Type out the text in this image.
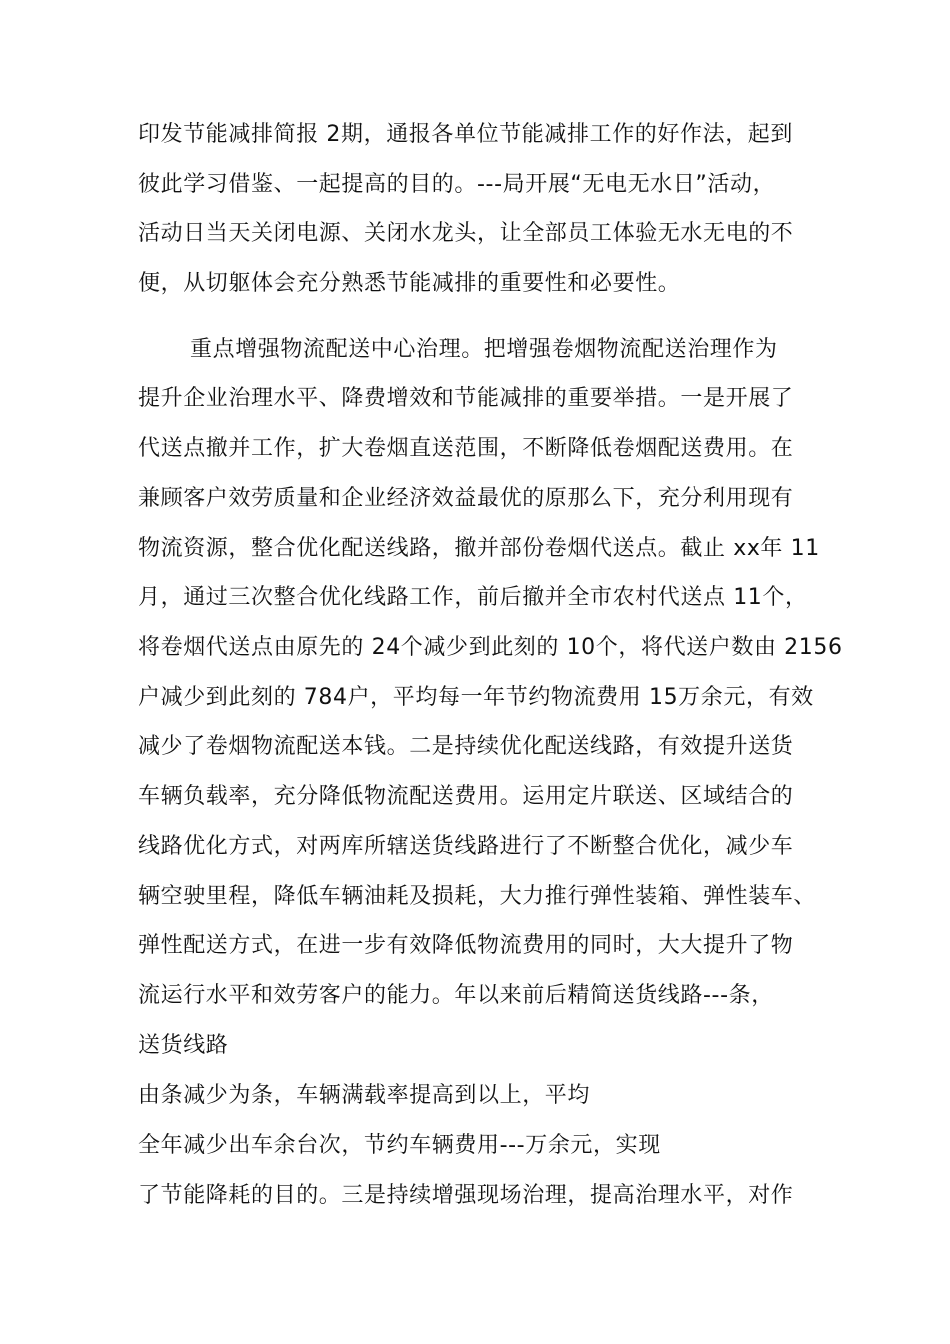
印发节能减排简报 2期，通报各单位节能减排工作的好作法，起到
彼此学习借鉴、一起提高的目的。---局开展“无电无水日”活动，
活动日当天关闭电源、关闭水龙头，让全部员工体验无水无电的不
便，从切躯体会充分熟悉节能减排的重要性和必要性。
重点增强物流配送中心治理。把增强卷烟物流配送治理作为
提升企业治理水平、降费增效和节能减排的重要举措。一是开展了
代送点撤并工作，扩大卷烟直送范围，不断降低卷烟配送费用。在
兼顾客户效劳质量和企业经济效益最优的原那么下，充分利用现有
物流资源，整合优化配送线路，撤并部份卷烟代送点。截止 xx年 11
月，通过三次整合优化线路工作，前后撤并全市农村代送点 11个，
将卷烟代送点由原先的 24个减少到此刻的 10个，将代送户数由 2156
户减少到此刻的 784户，平均每一年节约物流费用 15万余元，有效
减少了卷烟物流配送本钱。二是持续优化配送线路，有效提升送货
车辆负载率，充分降低物流配送费用。运用定片联送、区域结合的
线路优化方式，对两库所辖送货线路进行了不断整合优化，减少车
辆空驶里程，降低车辆油耗及损耗，大力推行弹性装箱、弹性装车、
弹性配送方式，在进一步有效降低物流费用的同时，大大提升了物
流运行水平和效劳客户的能力。年以来前后精简送货线路---条，
送货线路
由条减少为条，车辆满载率提高到以上，平均
全年减少出车余台次，节约车辆费用---万余元，实现
了节能降耗的目的。三是持续增强现场治理，提高治理水平，对作
